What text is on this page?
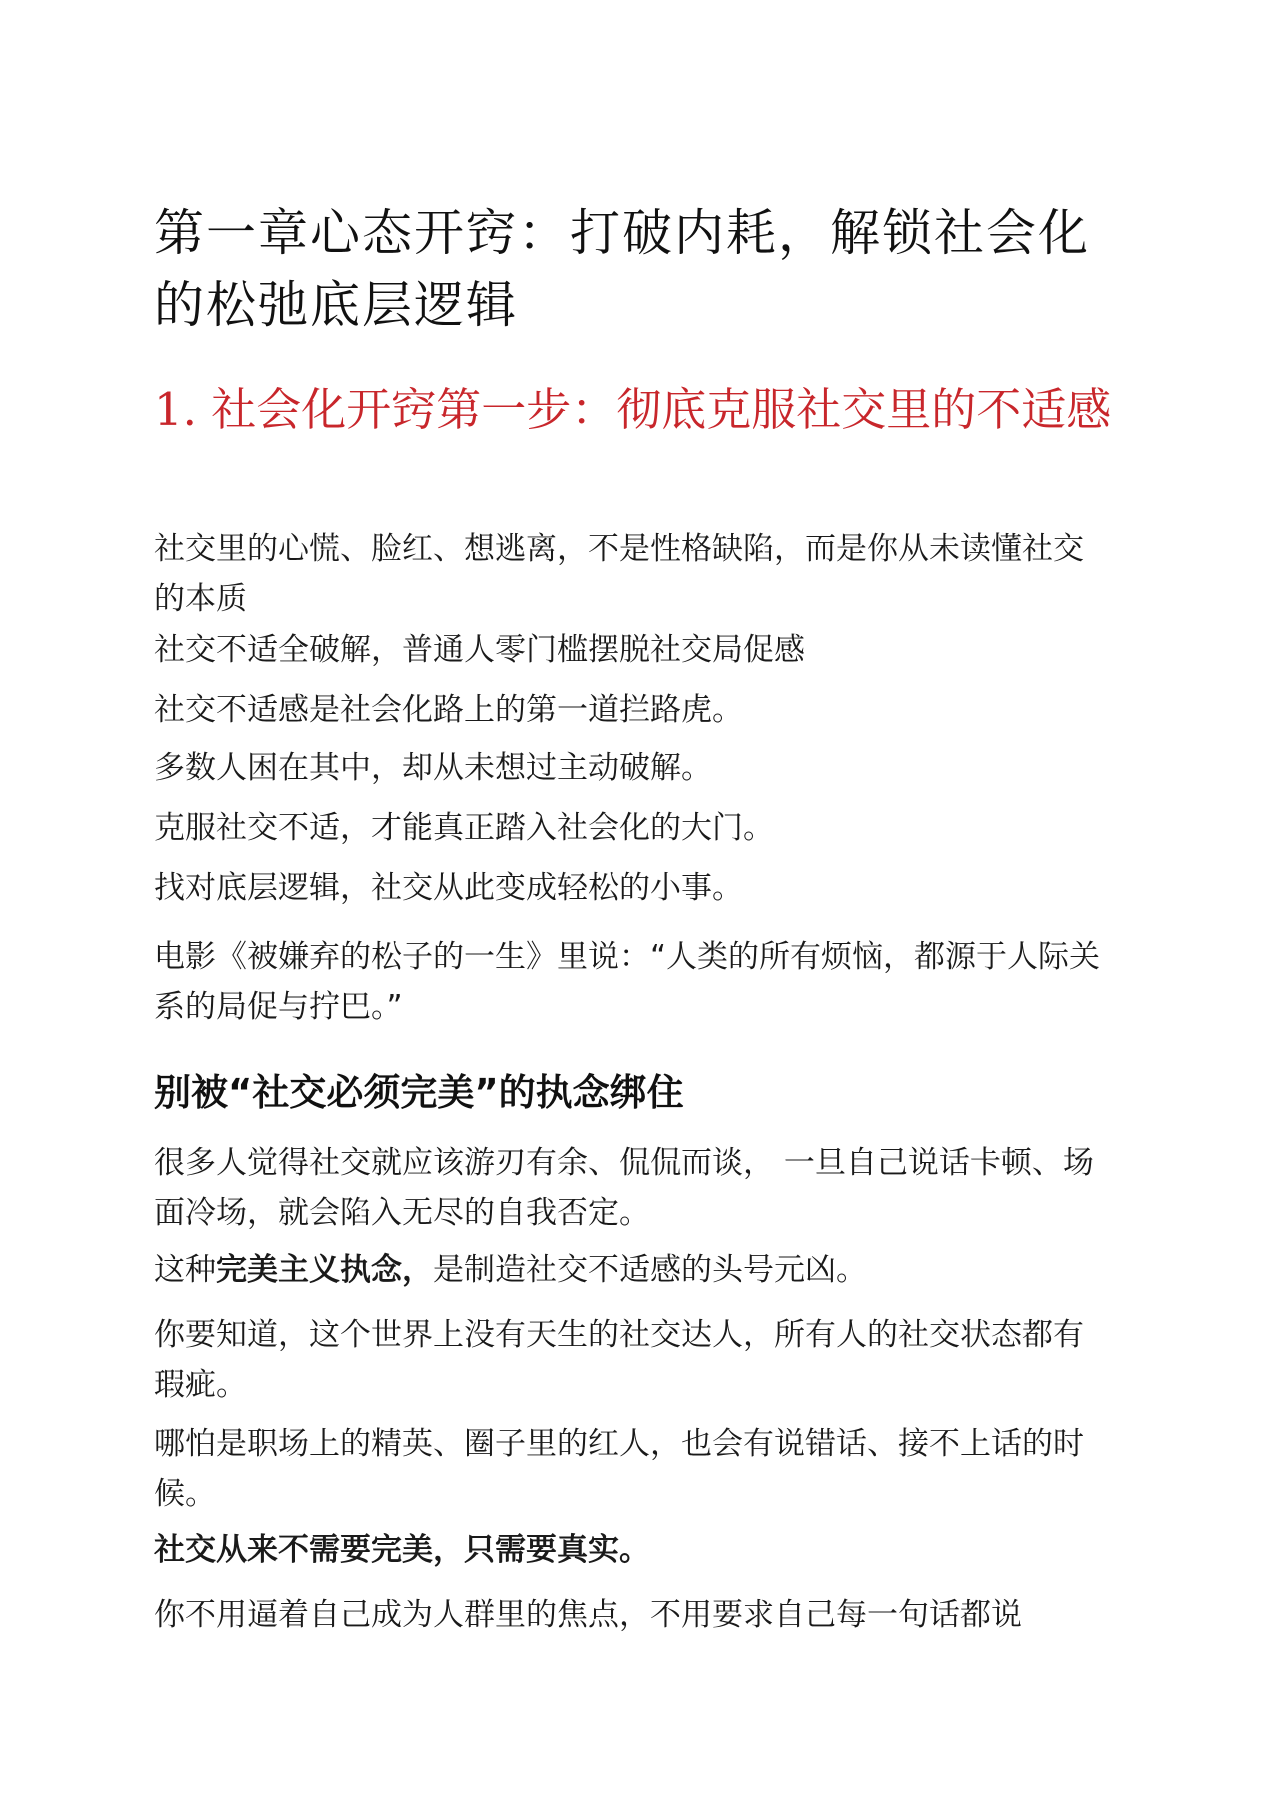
第一章心态开窍：打破内耗，解锁社会化的松弛底层逻辑
1. 社会化开窍第一步：彻底克服社交里的不适感

社交里的心慌、脸红、想逃离，不是性格缺陷，而是你从未读懂社交的本质

社交不适全破解，普通人零门槛摆脱社交局促感

社交不适感是社会化路上的第一道拦路虎。

多数人困在其中，却从未想过主动破解。

克服社交不适，才能真正踏入社会化的大门。

找对底层逻辑，社交从此变成轻松的小事。

电影《被嫌弃的松子的一生》里说：“人类的所有烦恼，都源于人际关系的局促与拧巴。”

别被“社交必须完美”的执念绑住

很多人觉得社交就应该游刃有余、侃侃而谈， 一旦自己说话卡顿、场面冷场，就会陷入无尽的自我否定。

这种完美主义执念，是制造社交不适感的头号元凶。

你要知道，这个世界上没有天生的社交达人，所有人的社交状态都有瑕疵。

哪怕是职场上的精英、圈子里的红人，也会有说错话、接不上话的时候。

社交从来不需要完美，只需要真实。

你不用逼着自己成为人群里的焦点，不用要求自己每一句话都说
